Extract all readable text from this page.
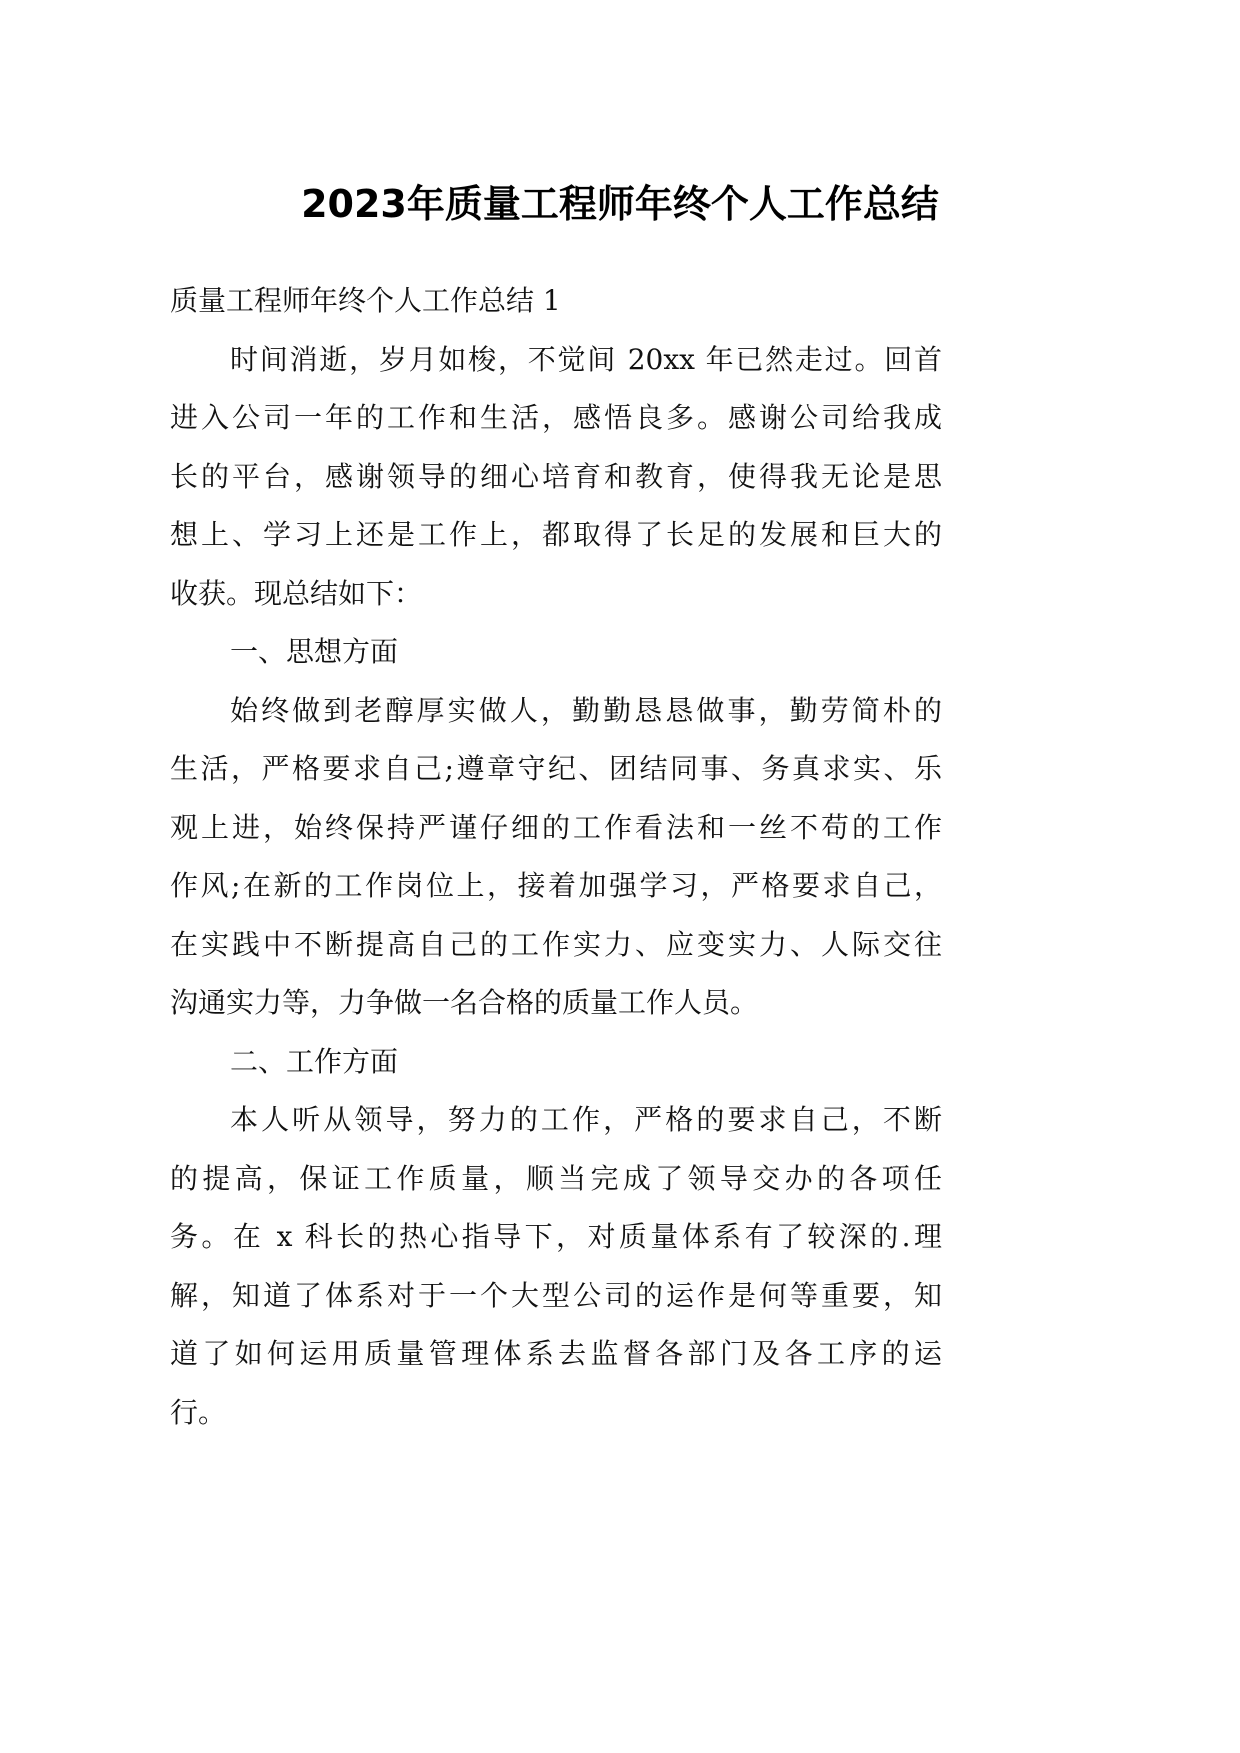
2023年质量工程师年终个人工作总结
质量工程师年终个人工作总结 1
时间消逝，岁月如梭，不觉间 20xx 年已然走过。回首
进入公司一年的工作和生活，感悟良多。感谢公司给我成
长的平台，感谢领导的细心培育和教育，使得我无论是思
想上、学习上还是工作上，都取得了长足的发展和巨大的
收获。现总结如下：
一、思想方面
始终做到老醇厚实做人，勤勤恳恳做事，勤劳简朴的
生活，严格要求自己;遵章守纪、团结同事、务真求实、乐
观上进，始终保持严谨仔细的工作看法和一丝不苟的工作
作风;在新的工作岗位上，接着加强学习，严格要求自己，
在实践中不断提高自己的工作实力、应变实力、人际交往
沟通实力等，力争做一名合格的质量工作人员。
二、工作方面
本人听从领导，努力的工作，严格的要求自己，不断
的提高，保证工作质量，顺当完成了领导交办的各项任
务。在 x 科长的热心指导下，对质量体系有了较深的.理
解，知道了体系对于一个大型公司的运作是何等重要，知
道了如何运用质量管理体系去监督各部门及各工序的运
行。
